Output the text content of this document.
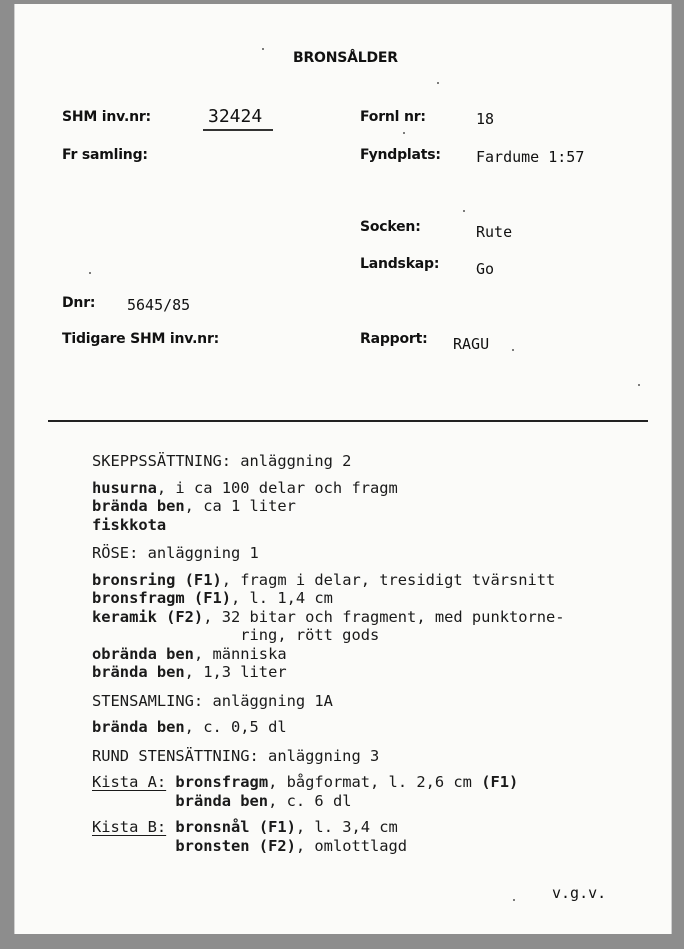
BRONSÅLDER
SHM inv.nr:	32424	Fornl nr:	18
Fr samling:	Fyndplats: Fardume 1:57
Socken:	Rute
Landskap: Go
Dnr: 5645/85
Tidigare SHM inv.nr:	Rapport: RAGU
SKEPPSSÄTTNING: anläggning 2
husurna, i ca 100 delar och fragm
brända ben, ca 1 liter
fiskkota
RÖSE: anläggning 1
bronsring (F1), fragm i delar, tresidigt tvärsnitt
bronsfragm (F1), l. 1,4 cm
keramik (F2), 32 bitar och fragment, med punktorne-
ring, rött gods
obrända ben, människa
brända ben, 1,3 liter
STENSAMLING: anläggning 1A
brända ben, c. 0,5 dl
RUND STENSÄTTNING: anläggning 3
Kista A: bronsfragm, bågformat, l. 2,6 cm (F1)
brända ben, c. 6 dl
Kista B: bronsnål (F1), l. 3,4 cm
bronsten (F2), omlottlagd
v.g.v.
